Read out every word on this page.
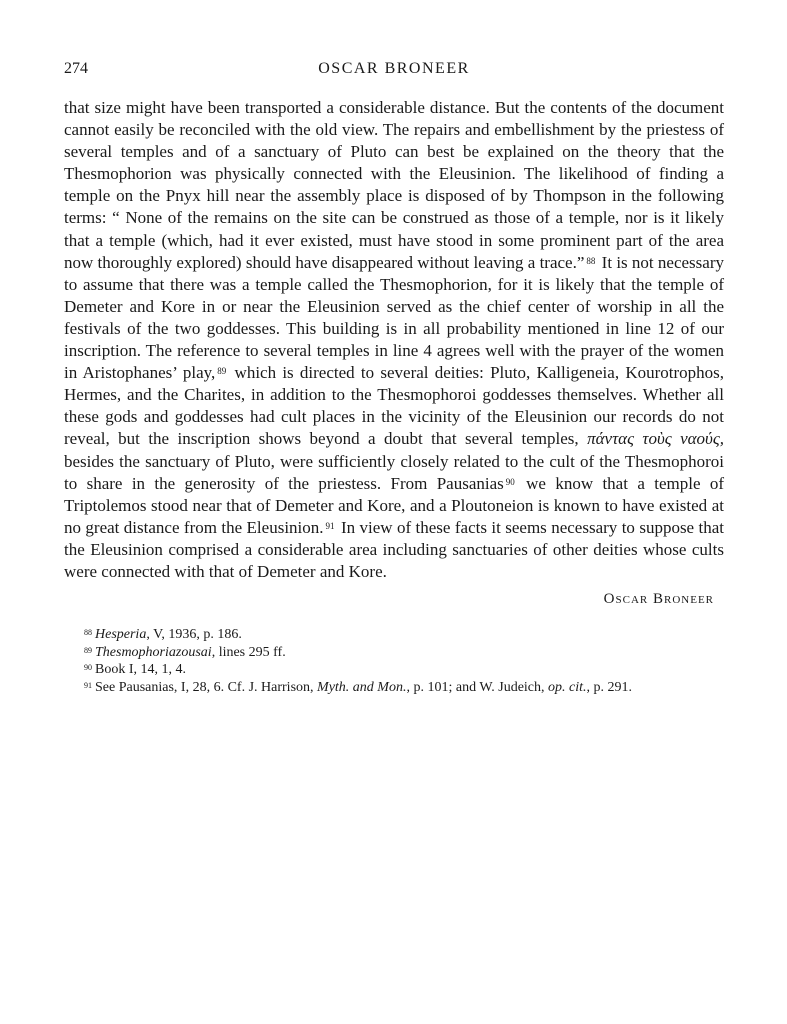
274	OSCAR BRONEER
that size might have been transported a considerable distance. But the contents of the document cannot easily be reconciled with the old view. The repairs and embellishment by the priestess of several temples and of a sanctuary of Pluto can best be explained on the theory that the Thesmophorion was physically connected with the Eleusinion. The likelihood of finding a temple on the Pnyx hill near the assembly place is disposed of by Thompson in the following terms: “ None of the remains on the site can be construed as those of a temple, nor is it likely that a temple (which, had it ever existed, must have stood in some prominent part of the area now thoroughly explored) should have disappeared without leaving a trace.” $^{88}$ It is not necessary to assume that there was a temple called the Thesmophorion, for it is likely that the temple of Demeter and Kore in or near the Eleusinion served as the chief center of worship in all the festivals of the two goddesses. This building is in all probability mentioned in line 12 of our inscription. The reference to several temples in line 4 agrees well with the prayer of the women in Aristophanes’ play, $^{89}$ which is directed to several deities: Pluto, Kalligeneia, Kourotrophos, Hermes, and the Charites, in addition to the Thesmophoroi goddesses themselves. Whether all these gods and goddesses had cult places in the vicinity of the Eleusinion our records do not reveal, but the inscription shows beyond a doubt that several temples, πάντας τοὺς ναούς, besides the sanctuary of Pluto, were sufficiently closely related to the cult of the Thesmophoroi to share in the generosity of the priestess. From Pausanias $^{90}$ we know that a temple of Triptolemos stood near that of Demeter and Kore, and a Ploutoneion is known to have existed at no great distance from the Eleusinion. $^{91}$ In view of these facts it seems necessary to suppose that the Eleusinion comprised a considerable area including sanctuaries of other deities whose cults were connected with that of Demeter and Kore.
Oscar Broneer
$^{88}$ Hesperia, V, 1936, p. 186.
$^{89}$ Thesmophoriazousai, lines 295 ff.
$^{90}$ Book I, 14, 1, 4.
$^{91}$ See Pausanias, I, 28, 6. Cf. J. Harrison, Myth. and Mon., p. 101; and W. Judeich, op. cit., p. 291.
